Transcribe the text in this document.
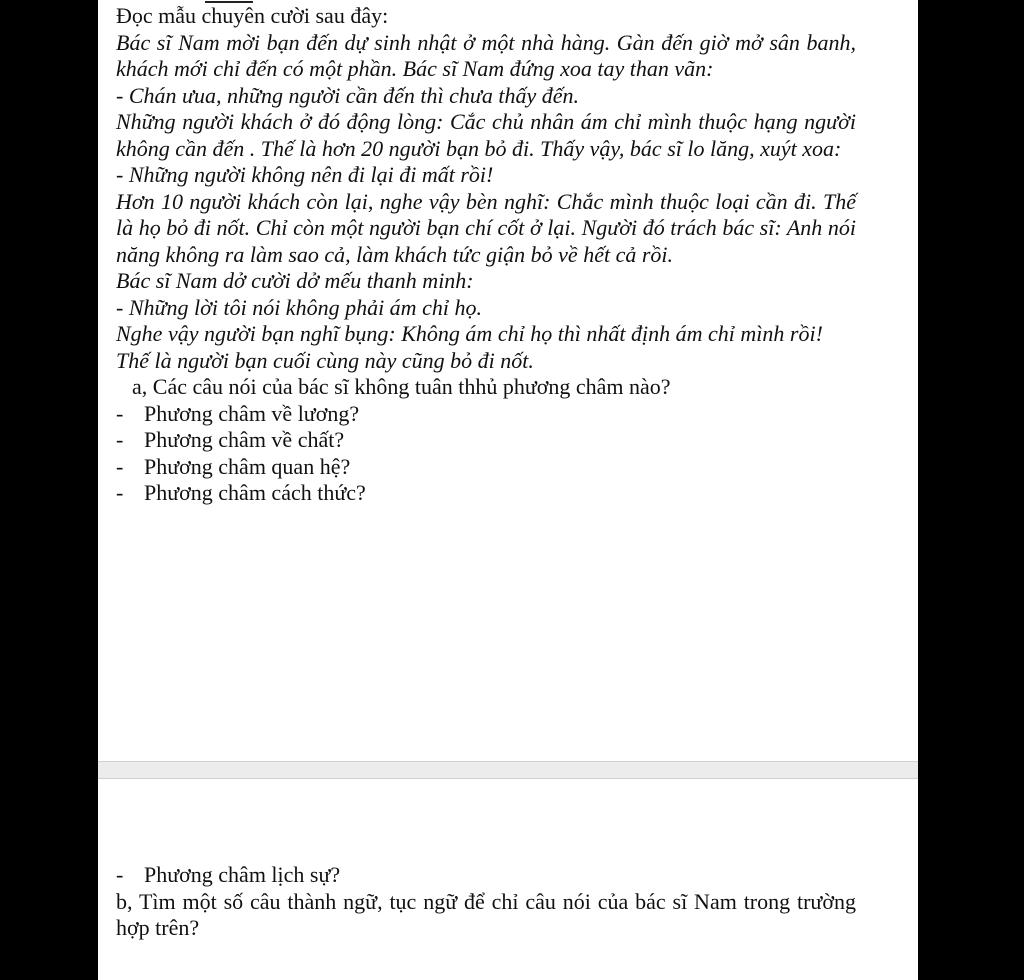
Đọc mẫu chuyên cười sau đây:

Bác sĩ Nam mời bạn đến dự sinh nhật ở một nhà hàng. Gàn đến giờ mở sân banh, khách mới chỉ đến có một phần. Bác sĩ Nam đứng xoa tay than vãn:

- Chán ưua, những người cần đến thì chưa thấy đến.

Những người khách ở đó động lòng: Cắc chủ nhân ám chỉ mình thuộc hạng người không cần đến . Thế là hơn 20 người bạn bỏ đi. Thấy vậy, bác sĩ lo lăng, xuýt xoa:

- Những người không nên đi lại đi mất rồi!

Hơn 10 người khách còn lại, nghe vậy bèn nghĩ: Chắc mình thuộc loại cần đi. Thế là họ bỏ đi nốt. Chỉ còn một người bạn chí cốt ở lại. Người đó trách bác sĩ: Anh nói năng không ra làm sao cả, làm khách tức giận bỏ về hết cả rồi.

Bác sĩ Nam dở cười dở mếu thanh minh:

- Những lời tôi nói không phải ám chỉ họ.

Nghe vậy người bạn nghĩ bụng: Không ám chỉ họ thì nhất định ám chỉ mình rồi!

Thế là người bạn cuối cùng này cũng bỏ đi nốt.

a, Các câu nói của bác sĩ không tuân thhủ phương châm nào?

- Phương châm về lương?

- Phương châm về chất?

- Phương châm quan hệ?

- Phương châm cách thức?

- Phương châm lịch sự?

b, Tìm một số câu thành ngữ, tục ngữ để chỉ câu nói của bác sĩ Nam trong trường hợp trên?
